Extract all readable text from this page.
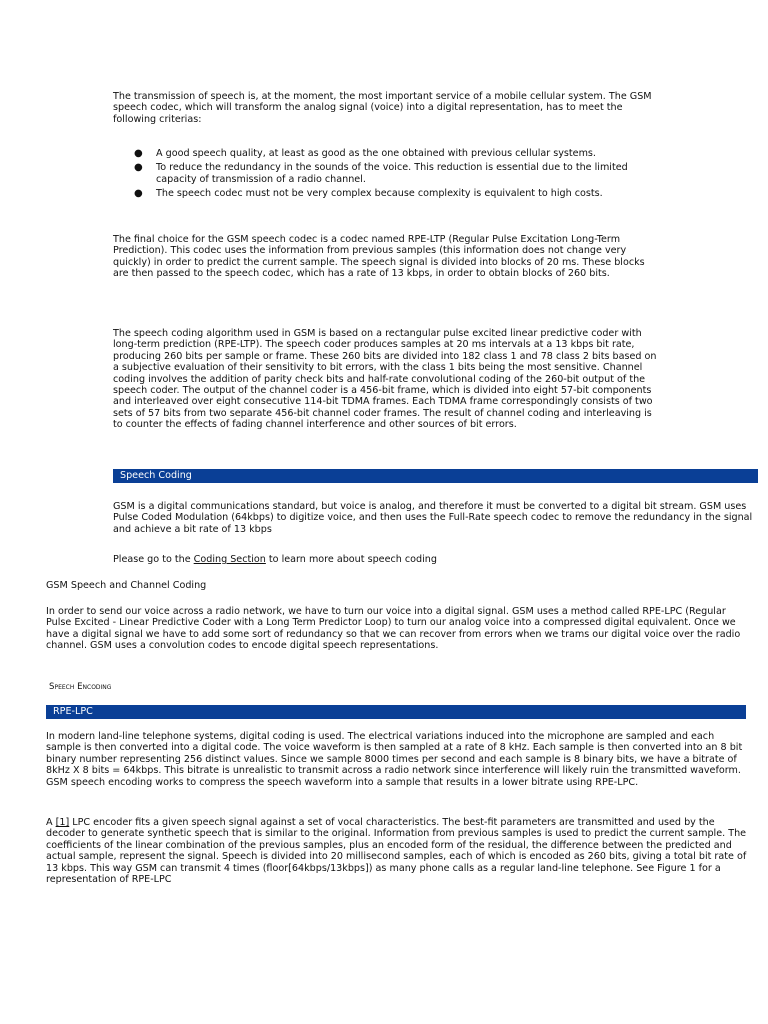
The transmission of speech is, at the moment, the most important service of a mobile cellular system. The GSM speech codec, which will transform the analog signal (voice) into a digital representation, has to meet the following criterias:

● A good speech quality, at least as good as the one obtained with previous cellular systems.
● To reduce the redundancy in the sounds of the voice. This reduction is essential due to the limited capacity of transmission of a radio channel.
● The speech codec must not be very complex because complexity is equivalent to high costs.

The final choice for the GSM speech codec is a codec named RPE-LTP (Regular Pulse Excitation Long-Term Prediction). This codec uses the information from previous samples (this information does not change very quickly) in order to predict the current sample. The speech signal is divided into blocks of 20 ms. These blocks are then passed to the speech codec, which has a rate of 13 kbps, in order to obtain blocks of 260 bits.

The speech coding algorithm used in GSM is based on a rectangular pulse excited linear predictive coder with long-term prediction (RPE-LTP). The speech coder produces samples at 20 ms intervals at a 13 kbps bit rate, producing 260 bits per sample or frame. These 260 bits are divided into 182 class 1 and 78 class 2 bits based on a subjective evaluation of their sensitivity to bit errors, with the class 1 bits being the most sensitive. Channel coding involves the addition of parity check bits and half-rate convolutional coding of the 260-bit output of the speech coder. The output of the channel coder is a 456-bit frame, which is divided into eight 57-bit components and interleaved over eight consecutive 114-bit TDMA frames. Each TDMA frame correspondingly consists of two sets of 57 bits from two separate 456-bit channel coder frames. The result of channel coding and interleaving is to counter the effects of fading channel interference and other sources of bit errors.

Speech Coding

GSM is a digital communications standard, but voice is analog, and therefore it must be converted to a digital bit stream. GSM uses Pulse Coded Modulation (64kbps) to digitize voice, and then uses the Full-Rate speech codec to remove the redundancy in the signal and achieve a bit rate of 13 kbps

Please go to the Coding Section to learn more about speech coding

GSM Speech and Channel Coding

In order to send our voice across a radio network, we have to turn our voice into a digital signal. GSM uses a method called RPE-LPC (Regular Pulse Excited - Linear Predictive Coder with a Long Term Predictor Loop) to turn our analog voice into a compressed digital equivalent. Once we have a digital signal we have to add some sort of redundancy so that we can recover from errors when we trams our digital voice over the radio channel. GSM uses a convolution codes to encode digital speech representations.

Speech Encoding

RPE-LPC

In modern land-line telephone systems, digital coding is used. The electrical variations induced into the microphone are sampled and each sample is then converted into a digital code. The voice waveform is then sampled at a rate of 8 kHz. Each sample is then converted into an 8 bit binary number representing 256 distinct values. Since we sample 8000 times per second and each sample is 8 binary bits, we have a bitrate of 8kHz X 8 bits = 64kbps. This bitrate is unrealistic to transmit across a radio network since interference will likely ruin the transmitted waveform. GSM speech encoding works to compress the speech waveform into a sample that results in a lower bitrate using RPE-LPC.

A [1] LPC encoder fits a given speech signal against a set of vocal characteristics. The best-fit parameters are transmitted and used by the decoder to generate synthetic speech that is similar to the original. Information from previous samples is used to predict the current sample. The coefficients of the linear combination of the previous samples, plus an encoded form of the residual, the difference between the predicted and actual sample, represent the signal. Speech is divided into 20 millisecond samples, each of which is encoded as 260 bits, giving a total bit rate of 13 kbps. This way GSM can transmit 4 times (floor[64kbps/13kbps]) as many phone calls as a regular land-line telephone. See Figure 1 for a representation of RPE-LPC
